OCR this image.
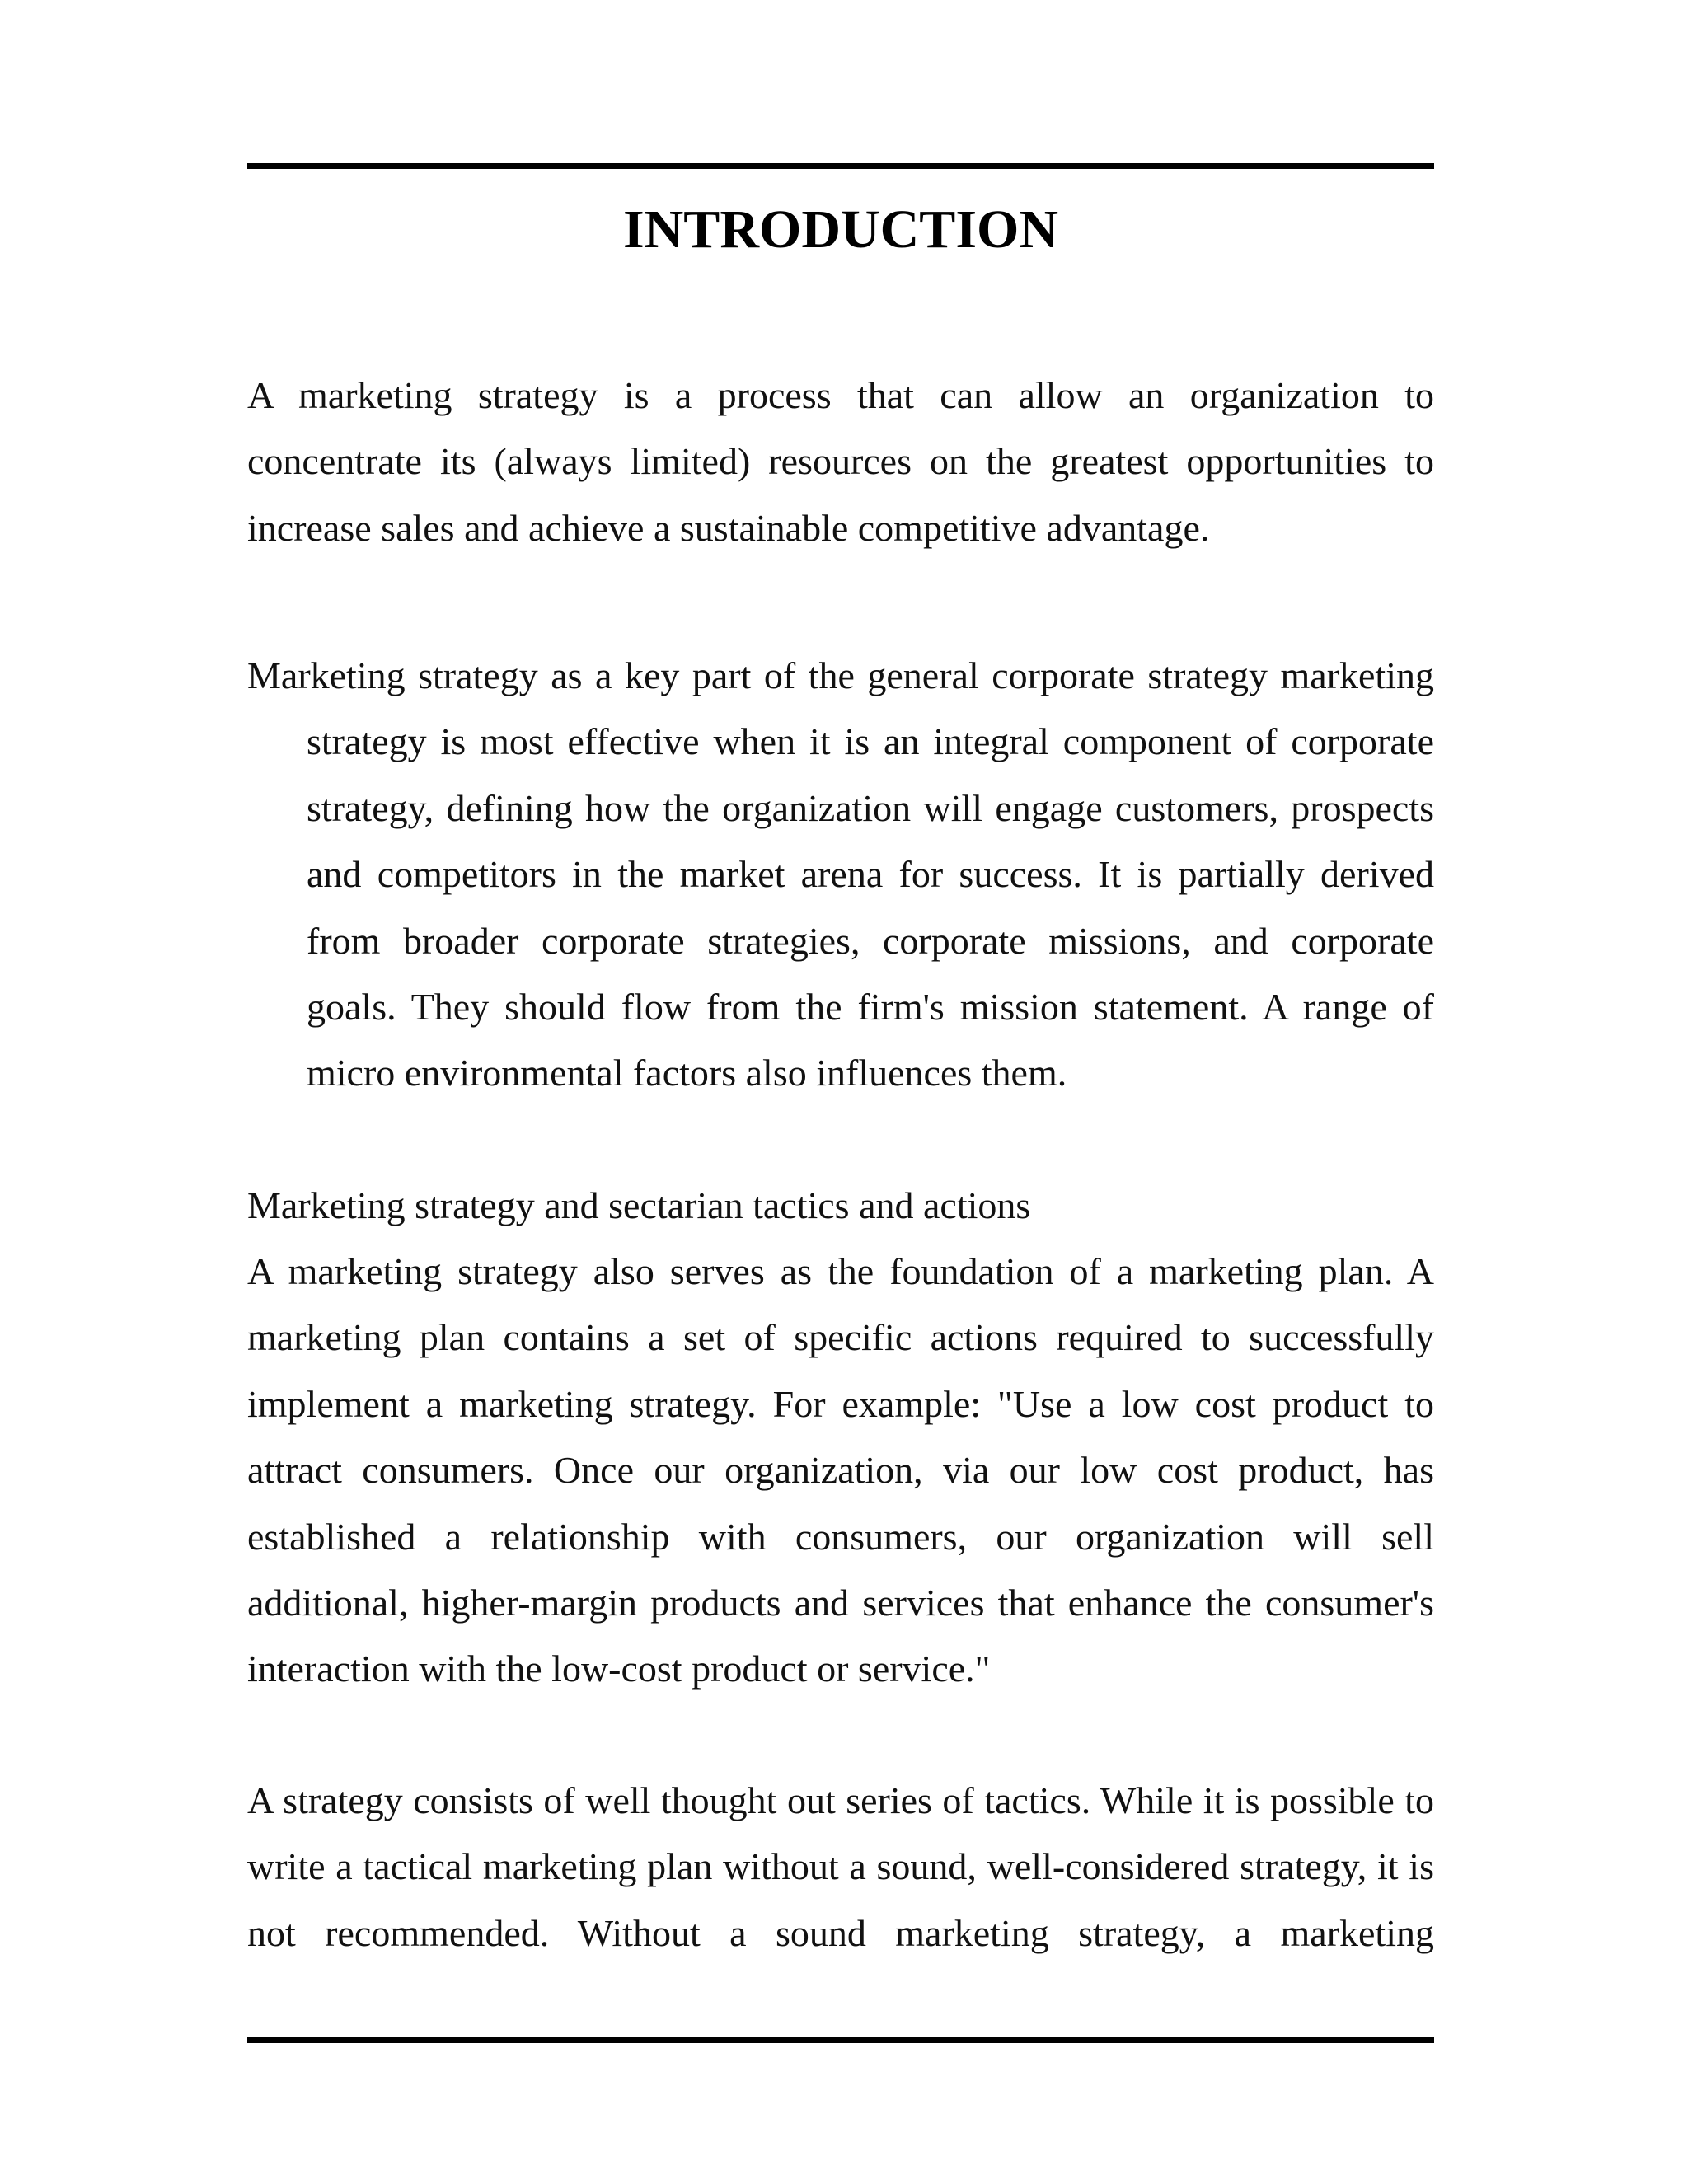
INTRODUCTION

A marketing strategy is a process that can allow an organization to concentrate its (always limited) resources on the greatest opportunities to increase sales and achieve a sustainable competitive advantage.

Marketing strategy as a key part of the general corporate strategy marketing strategy is most effective when it is an integral component of corporate strategy, defining how the organization will engage customers, prospects and competitors in the market arena for success. It is partially derived from broader corporate strategies, corporate missions, and corporate goals. They should flow from the firm's mission statement. A range of micro environmental factors also influences them.

Marketing strategy and sectarian tactics and actions

A marketing strategy also serves as the foundation of a marketing plan. A marketing plan contains a set of specific actions required to successfully implement a marketing strategy. For example: "Use a low cost product to attract consumers. Once our organization, via our low cost product, has established a relationship with consumers, our organization will sell additional, higher-margin products and services that enhance the consumer's interaction with the low-cost product or service."

A strategy consists of well thought out series of tactics. While it is possible to write a tactical marketing plan without a sound, well-considered strategy, it is not recommended. Without a sound marketing strategy, a marketing
